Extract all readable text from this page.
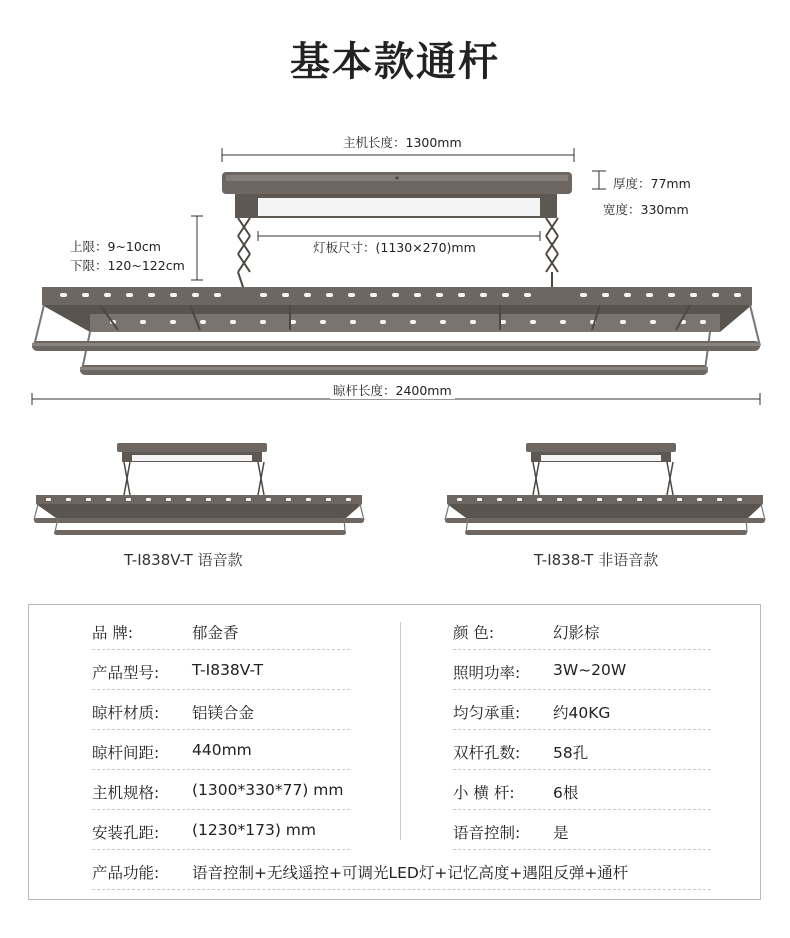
基本款通杆
主机长度：1300mm
厚度：77mm
宽度：330mm
灯板尺寸：(1130×270)mm
上限：9~10cm
下限：120~122cm
晾杆长度：2400mm
T-I838V-T 语音款	T-I838-T 非语音款
品 牌:	郁金香
产品型号: T-I838V-T
晾杆材质: 铝镁合金
晾杆间距: 440mm
主机规格: (1300*330*77) mm
安装孔距: (1230*173) mm
颜 色:	幻影棕
照明功率: 3W~20W
均匀承重: 约40KG
双杆孔数: 58孔
小 横 杆: 6根
语音控制: 是
产品功能: 语音控制+无线遥控+可调光LED灯+记忆高度+遇阻反弹+通杆
